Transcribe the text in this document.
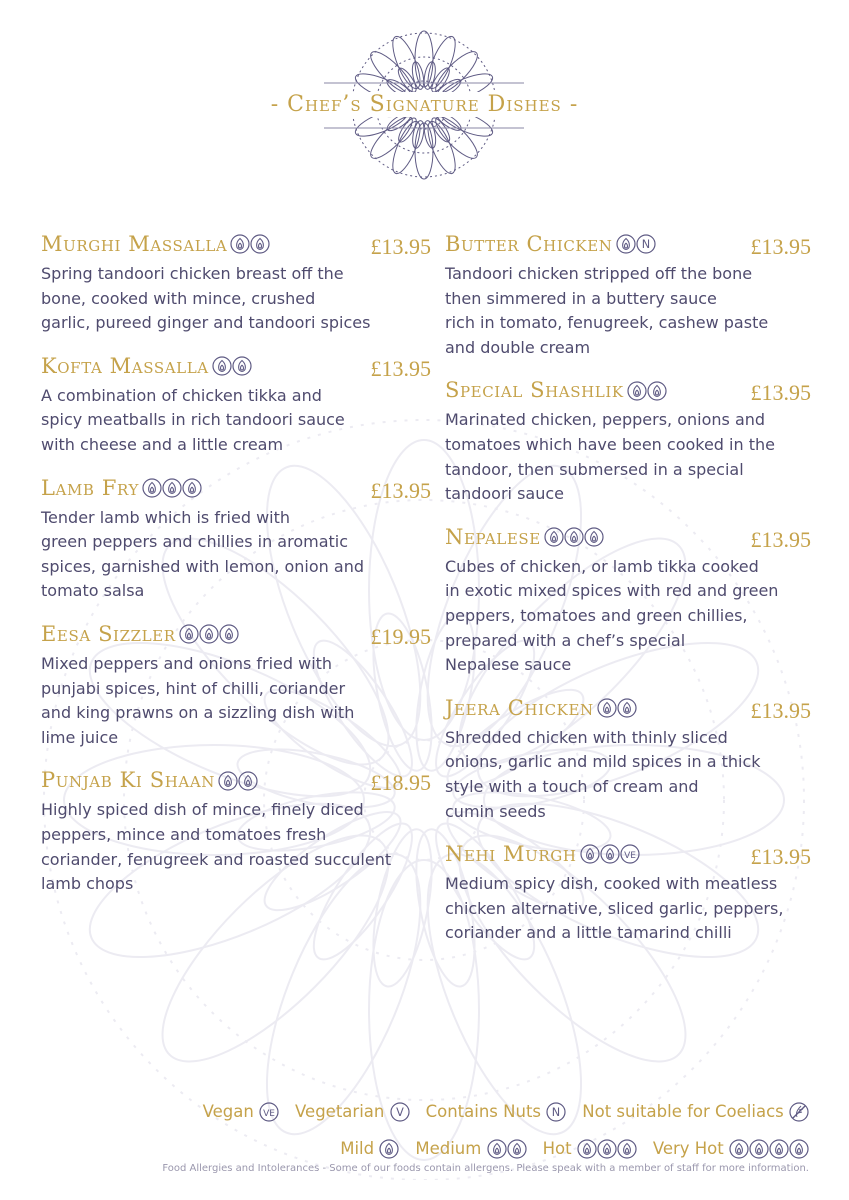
- Chef’s Signature Dishes -
Murghi Massalla	£13.95
Spring tandoori chicken breast off the
bone, cooked with mince, crushed
garlic, pureed ginger and tandoori spices
Kofta Massalla	£13.95
A combination of chicken tikka and
spicy meatballs in rich tandoori sauce
with cheese and a little cream
Lamb Fry	£13.95
Tender lamb which is fried with
green peppers and chillies in aromatic
spices, garnished with lemon, onion and
tomato salsa
Eesa Sizzler	£19.95
Mixed peppers and onions fried with
punjabi spices, hint of chilli, coriander
and king prawns on a sizzling dish with
lime juice
Punjab Ki Shaan	£18.95
Highly spiced dish of mince, finely diced
peppers, mince and tomatoes fresh
coriander, fenugreek and roasted succulent
lamb chops
Butter Chicken	N	£13.95
Tandoori chicken stripped off the bone
then simmered in a buttery sauce
rich in tomato, fenugreek, cashew paste
and double cream
Special Shashlik	£13.95
Marinated chicken, peppers, onions and
tomatoes which have been cooked in the
tandoor, then submersed in a special
tandoori sauce
Nepalese	£13.95
Cubes of chicken, or lamb tikka cooked
in exotic mixed spices with red and green
peppers, tomatoes and green chillies,
prepared with a chef’s special
Nepalese sauce
Jeera Chicken	£13.95
Shredded chicken with thinly sliced
onions, garlic and mild spices in a thick
style with a touch of cream and
cumin seeds
Nehi Murgh	VE	£13.95
Medium spicy dish, cooked with meatless
chicken alternative, sliced garlic, peppers,
coriander and a little tamarind chilli
Vegan VE Vegetarian V Contains Nuts N Not suitable for Coeliacs
Mild	Medium	Hot	Very Hot
Food Allergies and Intolerances - Some of our foods contain allergens. Please speak with a member of staff for more information.
